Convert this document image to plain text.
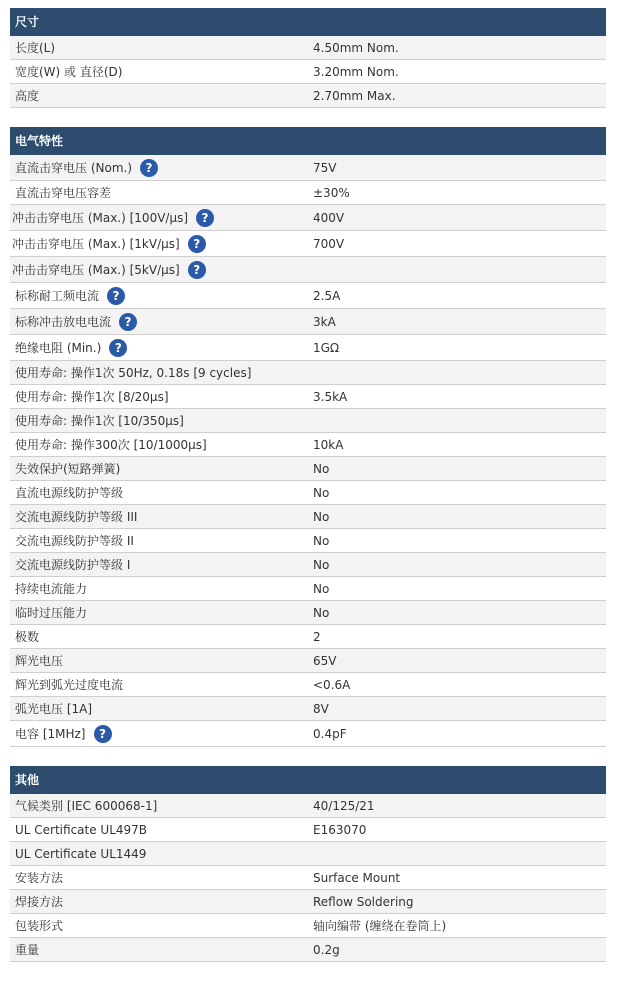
尺寸
长度(L)	4.50mm Nom.
宽度(W) 或 直径(D)	3.20mm Nom.
高度	2.70mm Max.
电气特性
直流击穿电压 (Nom.)	?	75V
直流击穿电压容差	±30%
冲击击穿电压 (Max.) [100V/µs]	?	400V
冲击击穿电压 (Max.) [1kV/µs]	?	700V
冲击击穿电压 (Max.) [5kV/µs]	?
标称耐工频电流	?	2.5A
标称冲击放电电流	?	3kA
绝缘电阻 (Min.)	?	1GΩ
使用寿命: 操作1次 50Hz, 0.18s [9 cycles]
使用寿命: 操作1次 [8/20µs]	3.5kA
使用寿命: 操作1次 [10/350µs]
使用寿命: 操作300次 [10/1000µs]	10kA
失效保护(短路弹簧)	No
直流电源线防护等级	No
交流电源线防护等级 III	No
交流电源线防护等级 II	No
交流电源线防护等级 I	No
持续电流能力	No
临时过压能力	No
极数	2
辉光电压	65V
辉光到弧光过度电流	<0.6A
弧光电压 [1A]	8V
电容 [1MHz]	?	0.4pF
其他
气候类别 [IEC 600068-1]	40/125/21
UL Certificate UL497B	E163070
UL Certificate UL1449
安装方法	Surface Mount
焊接方法	Reflow Soldering
包装形式	轴向编带 (缠绕在卷筒上)
重量	0.2g
